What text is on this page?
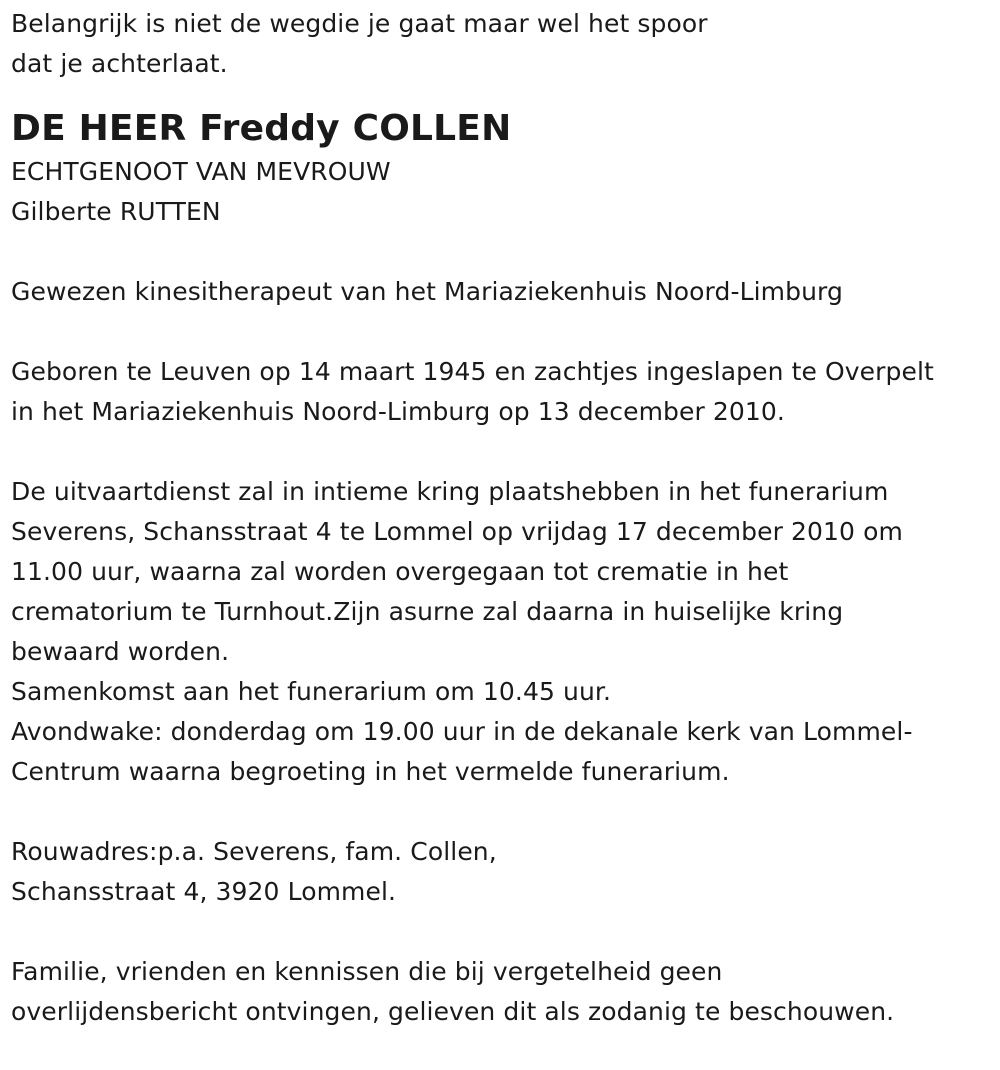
Belangrijk is niet de wegdie je gaat maar wel het spoor
dat je achterlaat.
DE HEER Freddy COLLEN
ECHTGENOOT VAN MEVROUW
Gilberte RUTTEN
Gewezen kinesitherapeut van het Mariaziekenhuis Noord-Limburg
Geboren te Leuven op 14 maart 1945 en zachtjes ingeslapen te Overpelt
in het Mariaziekenhuis Noord-Limburg op 13 december 2010.
De uitvaartdienst zal in intieme kring plaatshebben in het funerarium
Severens, Schansstraat 4 te Lommel op vrijdag 17 december 2010 om
11.00 uur, waarna zal worden overgegaan tot crematie in het
crematorium te Turnhout.Zijn asurne zal daarna in huiselijke kring
bewaard worden.
Samenkomst aan het funerarium om 10.45 uur.
Avondwake: donderdag om 19.00 uur in de dekanale kerk van Lommel-
Centrum waarna begroeting in het vermelde funerarium.
Rouwadres:p.a. Severens, fam. Collen,
Schansstraat 4, 3920 Lommel.
Familie, vrienden en kennissen die bij vergetelheid geen
overlijdensbericht ontvingen, gelieven dit als zodanig te beschouwen.
